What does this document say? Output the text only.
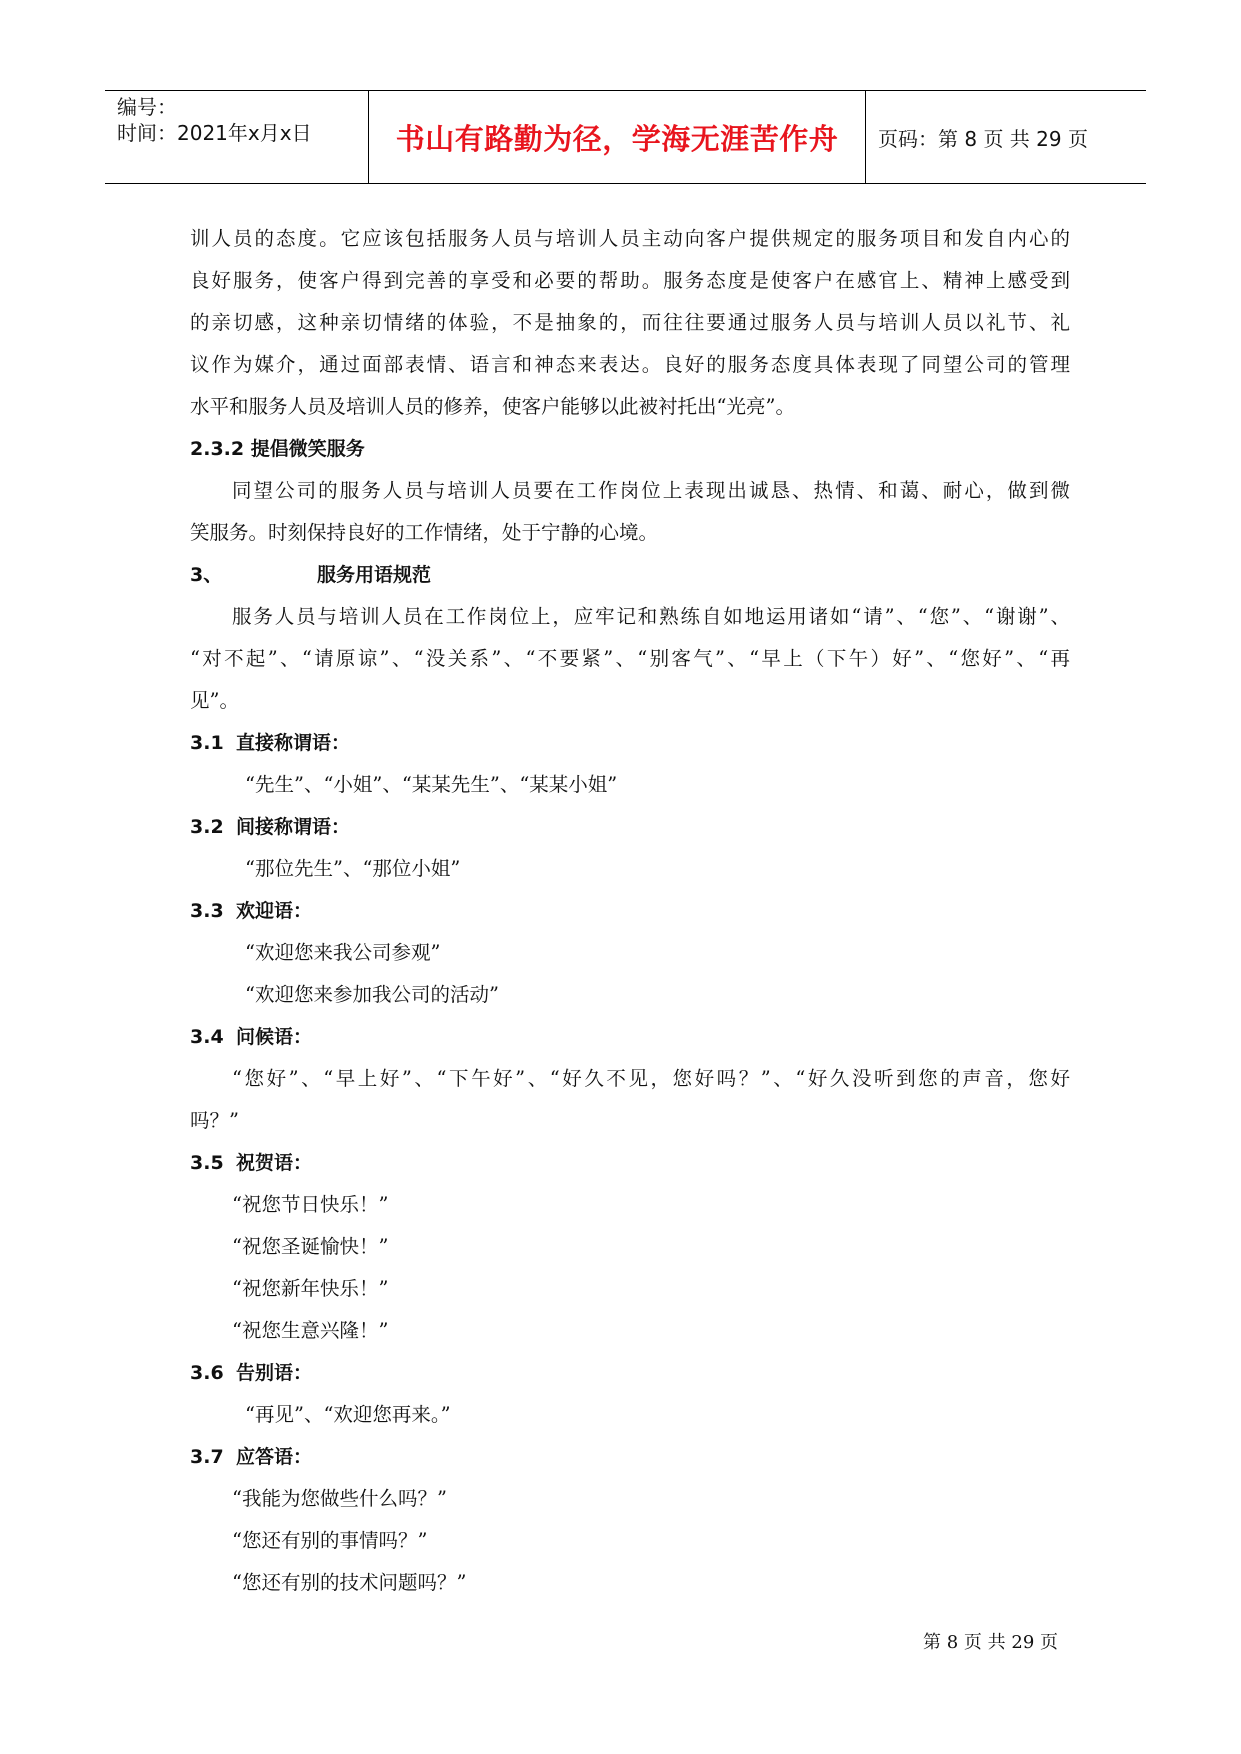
编号：
时间：2021年x月x日	书山有路勤为径，学海无涯苦作舟	页码：第 8 页 共 29 页
训人员的态度。它应该包括服务人员与培训人员主动向客户提供规定的服务项目和发自内心的
良好服务，使客户得到完善的享受和必要的帮助。服务态度是使客户在感官上、精神上感受到
的亲切感，这种亲切情绪的体验，不是抽象的，而往往要通过服务人员与培训人员以礼节、礼
议作为媒介，通过面部表情、语言和神态来表达。良好的服务态度具体表现了同望公司的管理
水平和服务人员及培训人员的修养，使客户能够以此被衬托出“光亮”。
2.3.2 提倡微笑服务
同望公司的服务人员与培训人员要在工作岗位上表现出诚恳、热情、和蔼、耐心，做到微
笑服务。时刻保持良好的工作情绪，处于宁静的心境。
3、	服务用语规范
服务人员与培训人员在工作岗位上，应牢记和熟练自如地运用诸如“请”、“您”、“谢谢”、
“对不起”、“请原谅”、“没关系”、“不要紧”、“别客气”、“早上（下午）好”、“您好”、“再
见”。
3.1 直接称谓语：
“先生”、“小姐”、“某某先生”、“某某小姐”
3.2 间接称谓语：
“那位先生”、“那位小姐”
3.3 欢迎语：
“欢迎您来我公司参观”
“欢迎您来参加我公司的活动”
3.4 问候语：
“您好”、“早上好”、“下午好”、“好久不见，您好吗？”、“好久没听到您的声音，您好
吗？”
3.5 祝贺语：
“祝您节日快乐！”
“祝您圣诞愉快！”
“祝您新年快乐！”
“祝您生意兴隆！”
3.6 告别语：
“再见”、“欢迎您再来。”
3.7 应答语：
“我能为您做些什么吗？”
“您还有别的事情吗？”
“您还有别的技术问题吗？”
第 8 页 共 29 页
